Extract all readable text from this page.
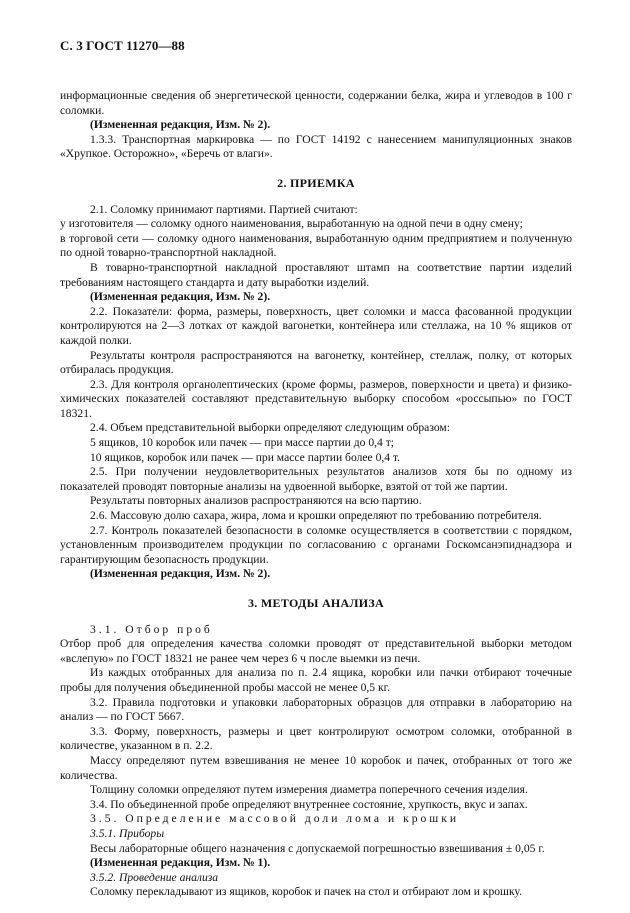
С. 3 ГОСТ 11270—88

информационные сведения об энергетической ценности, содержании белка, жира и углеводов в 100 г соломки.

(Измененная редакция, Изм. № 2).

1.3.3. Транспортная маркировка — по ГОСТ 14192 с нанесением манипуляционных знаков «Хрупкое. Осторожно», «Беречь от влаги».

2. ПРИЕМКА

2.1. Соломку принимают партиями. Партией считают:

у изготовителя — соломку одного наименования, выработанную на одной печи в одну смену;

в торговой сети — соломку одного наименования, выработанную одним предприятием и полученную по одной товарно-транспортной накладной.

В товарно-транспортной накладной проставляют штамп на соответствие партии изделий требованиям настоящего стандарта и дату выработки изделий.

(Измененная редакция, Изм. № 2).

2.2. Показатели: форма, размеры, поверхность, цвет соломки и масса фасованной продукции контролируются на 2—3 лотках от каждой вагонетки, контейнера или стеллажа, на 10 % ящиков от каждой полки.

Результаты контроля распространяются на вагонетку, контейнер, стеллаж, полку, от которых отбиралась продукция.

2.3. Для контроля органолептических (кроме формы, размеров, поверхности и цвета) и физико-химических показателей составляют представительную выборку способом «россыпью» по ГОСТ 18321.

2.4. Объем представительной выборки определяют следующим образом:

5 ящиков, 10 коробок или пачек — при массе партии до 0,4 т;

10 ящиков, коробок или пачек — при массе партии более 0,4 т.

2.5. При получении неудовлетворительных результатов анализов хотя бы по одному из показателей проводят повторные анализы на удвоенной выборке, взятой от той же партии.

Результаты повторных анализов распространяются на всю партию.

2.6. Массовую долю сахара, жира, лома и крошки определяют по требованию потребителя.

2.7. Контроль показателей безопасности в соломке осуществляется в соответствии с порядком, установленным производителем продукции по согласованию с органами Госкомсанэпиднадзора и гарантирующим безопасность продукции.

(Измененная редакция, Изм. № 2).

3. МЕТОДЫ АНАЛИЗА

3.1. Отбор проб

Отбор проб для определения качества соломки проводят от представительной выборки методом «вслепую» по ГОСТ 18321 не ранее чем через 6 ч после выемки из печи.

Из каждых отобранных для анализа по п. 2.4 ящика, коробки или пачки отбирают точечные пробы для получения объединенной пробы массой не менее 0,5 кг.

3.2. Правила подготовки и упаковки лабораторных образцов для отправки в лабораторию на анализ — по ГОСТ 5667.

3.3. Форму, поверхность, размеры и цвет контролируют осмотром соломки, отобранной в количестве, указанном в п. 2.2.

Массу определяют путем взвешивания не менее 10 коробок и пачек, отобранных от того же количества.

Толщину соломки определяют путем измерения диаметра поперечного сечения изделия.

3.4. По объединенной пробе определяют внутреннее состояние, хрупкость, вкус и запах.

3.5. Определение массовой доли лома и крошки

3.5.1. Приборы

Весы лабораторные общего назначения с допускаемой погрешностью взвешивания ± 0,05 г.

(Измененная редакция, Изм. № 1).

3.5.2. Проведение анализа

Соломку перекладывают из ящиков, коробок и пачек на стол и отбирают лом и крошку.
